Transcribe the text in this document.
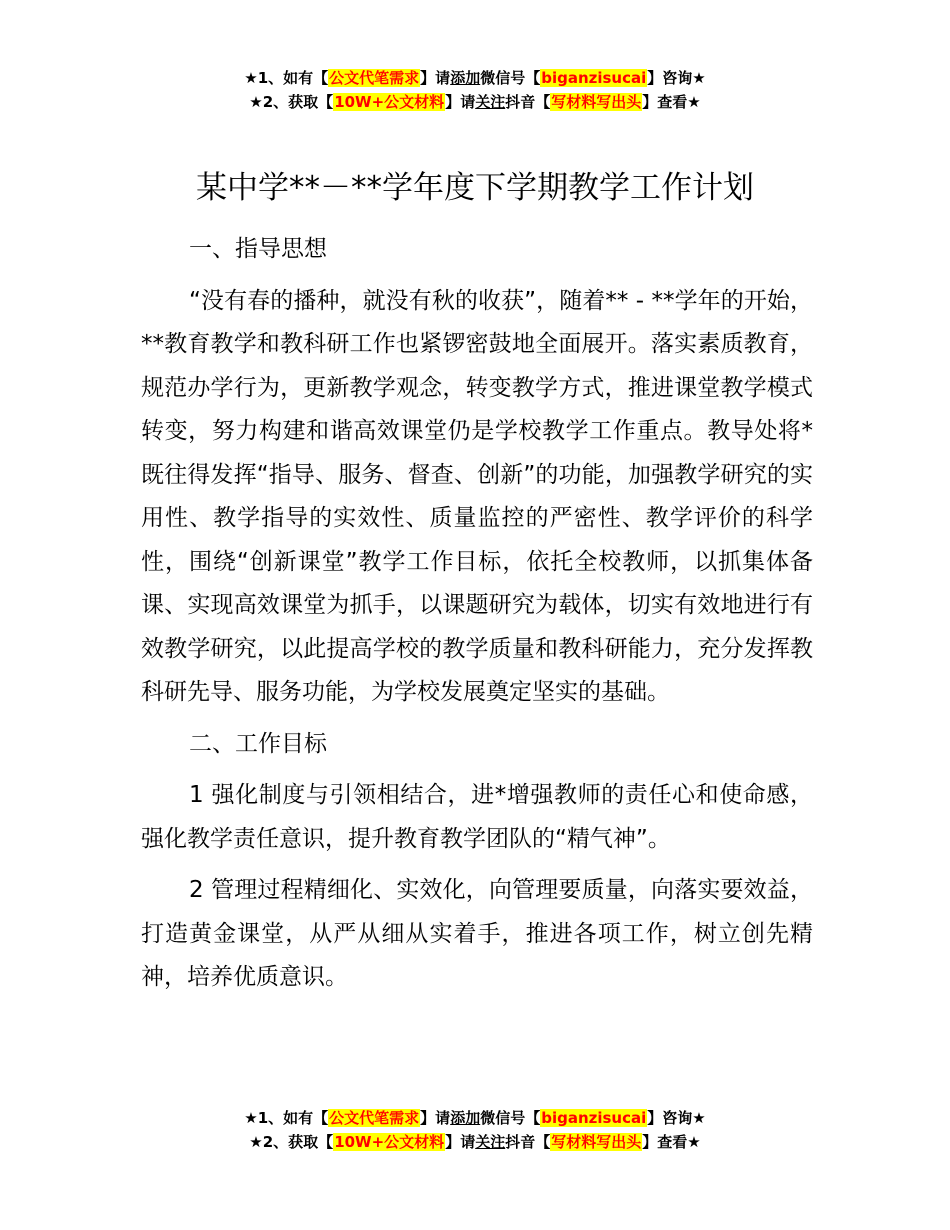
★1、如有【公文代笔需求】请添加微信号【biganzisucai】咨询★
★2、获取【10W+公文材料】请关注抖音【写材料写出头】查看★
某中学**－**学年度下学期教学工作计划

一、指导思想

“没有春的播种，就没有秋的收获”，随着** - **学年的开始，**教育教学和教科研工作也紧锣密鼓地全面展开。落实素质教育，规范办学行为，更新教学观念，转变教学方式，推进课堂教学模式转变，努力构建和谐高效课堂仍是学校教学工作重点。教导处将*既往得发挥“指导、服务、督查、创新”的功能，加强教学研究的实用性、教学指导的实效性、质量监控的严密性、教学评价的科学性，围绕“创新课堂”教学工作目标，依托全校教师，以抓集体备课、实现高效课堂为抓手，以课题研究为载体，切实有效地进行有效教学研究，以此提高学校的教学质量和教科研能力，充分发挥教科研先导、服务功能，为学校发展奠定坚实的基础。

二、工作目标

1 强化制度与引领相结合，进*增强教师的责任心和使命感，强化教学责任意识，提升教育教学团队的“精气神”。

2 管理过程精细化、实效化，向管理要质量，向落实要效益，打造黄金课堂，从严从细从实着手，推进各项工作，树立创先精神，培养优质意识。

★1、如有【公文代笔需求】请添加微信号【biganzisucai】咨询★
★2、获取【10W+公文材料】请关注抖音【写材料写出头】查看★
